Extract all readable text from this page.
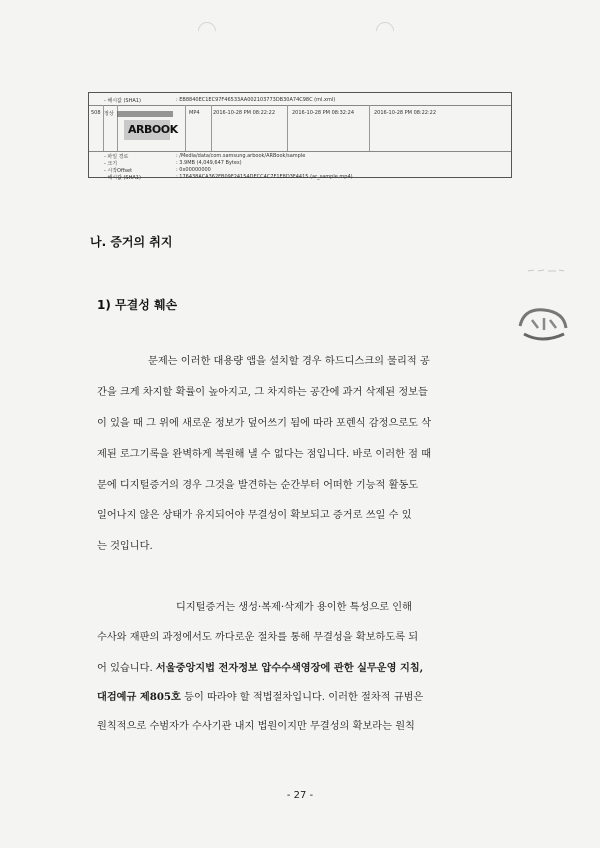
- 해시값 (SHA1)	: EB8840EC1EC97F46533AA002103773DB30A74C98C (ml.xml)
508 정상	MP4	2016-10-28 PM 08:22:22	2016-10-28 PM 08:32:24	2016-10-28 PM 08:22:22
ARBOOK
- 파일 경로	: /Media/data/com.samsung.arbook/ARBook/sample
- 크기	: 3.9MB (4,049,647 Bytes)
- 시작Offset	: 0x00000000
- 해시값 (SHA1)	: 176438ACA362FB09F24154DECC4C7F1E8D3F4415 (ar_sample.mp4)
나. 증거의 취지
1) 무결성 훼손
문제는 이러한 대용량 앱을 설치할 경우 하드디스크의 물리적 공
간을 크게 차지할 확률이 높아지고, 그 차지하는 공간에 과거 삭제된 정보들
이 있을 때 그 위에 새로운 정보가 덮어쓰기 됨에 따라 포렌식 감정으로도 삭
제된 로그기록을 완벽하게 복원해 낼 수 없다는 점입니다. 바로 이러한 점 때
문에 디지털증거의 경우 그것을 발견하는 순간부터 어떠한 기능적 활동도
일어나지 않은 상태가 유지되어야 무결성이 확보되고 증거로 쓰일 수 있
는 것입니다.
디지털증거는 생성·복제·삭제가 용이한 특성으로 인해
수사와 재판의 과정에서도 까다로운 절차를 통해 무결성을 확보하도록 되
어 있습니다. 서울중앙지법 전자정보 압수수색영장에 관한 실무운영 지침,
대검예규 제805호 등이 따라야 할 적법절차입니다. 이러한 절차적 규범은
원칙적으로 수범자가 수사기관 내지 법원이지만 무결성의 확보라는 원칙
- 27 -
